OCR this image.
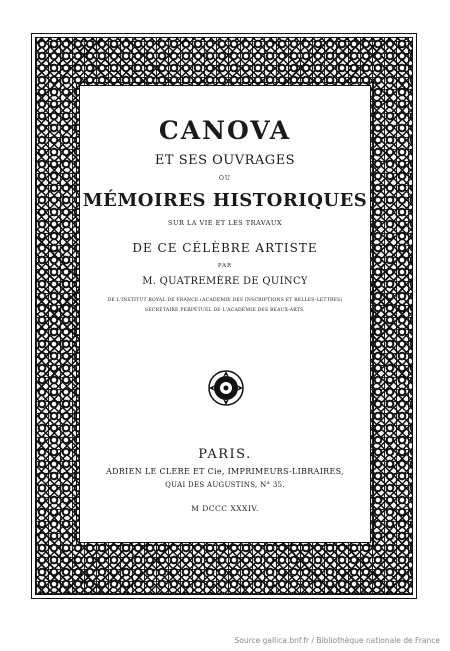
CANOVA

ET SES OUVRAGES

OU

MÉMOIRES HISTORIQUES

SUR LA VIE ET LES TRAVAUX

DE CE CÉLÈBRE ARTISTE

PAR

M. QUATREMÈRE DE QUINCY

DE L'INSTITUT ROYAL DE FRANCE (ACADÉMIE DES INSCRIPTIONS ET BELLES-LETTRES)

SECRÉTAIRE PERPÉTUEL DE L'ACADÉMIE DES BEAUX-ARTS.

PARIS.

ADRIEN LE CLERE ET Cie, IMPRIMEURS-LIBRAIRES,

QUAI DES AUGUSTINS, N° 35.

M DCCC XXXIV.

Source gallica.bnf.fr / Bibliothèque nationale de France
